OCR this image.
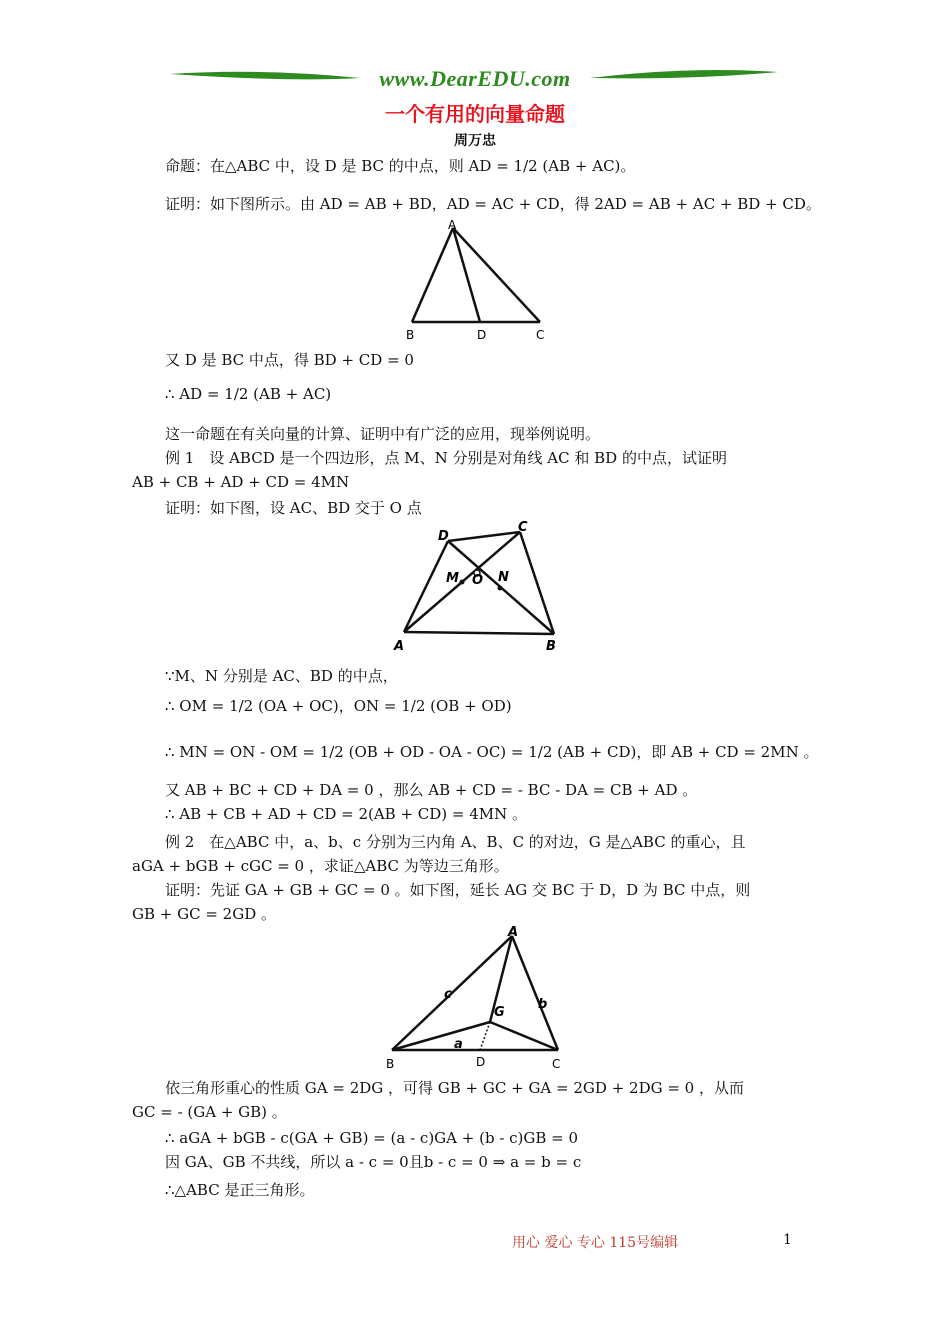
www.DearEDU.com
一个有用的向量命题
周万忠
命题：在△ABC 中，设 D 是 BC 的中点，则 AD = 1/2 (AB + AC)。
证明：如下图所示。由 AD = AB + BD，AD = AC + CD，得 2AD = AB + AC + BD + CD。
A
B	D	C
又 D 是 BC 中点，得 BD + CD = 0
∴ AD = 1/2 (AB + AC)
这一命题在有关向量的计算、证明中有广泛的应用，现举例说明。
例 1　设 ABCD 是一个四边形，点 M、N 分别是对角线 AC 和 BD 的中点，试证明
AB + CB + AD + CD = 4MN
证明：如下图，设 AC、BD 交于 O 点
D
C
M O N
A	B
∵M、N 分别是 AC、BD 的中点，
∴ OM = 1/2 (OA + OC)，ON = 1/2 (OB + OD)
∴ MN = ON - OM = 1/2 (OB + OD - OA - OC) = 1/2 (AB + CD)，即 AB + CD = 2MN 。
又 AB + BC + CD + DA = 0 ，那么 AB + CD = - BC - DA = CB + AD 。
∴ AB + CB + AD + CD = 2(AB + CD) = 4MN 。
例 2　在△ABC 中，a、b、c 分别为三内角 A、B、C 的对边，G 是△ABC 的重心，且
aGA + bGB + cGC = 0 ，求证△ABC 为等边三角形。
证明：先证 GA + GB + GC = 0 。如下图，延长 AG 交 BC 于 D，D 为 BC 中点，则
GB + GC = 2GD 。
A
G
c
b
a
B	D	C
依三角形重心的性质 GA = 2DG ，可得 GB + GC + GA = 2GD + 2DG = 0 ，从而
GC = - (GA + GB) 。
∴ aGA + bGB - c(GA + GB) = (a - c)GA + (b - c)GB = 0
因 GA、GB 不共线，所以 a - c = 0且b - c = 0 ⇒ a = b = c
∴△ABC 是正三角形。
用心 爱心 专心 115号编辑	1
